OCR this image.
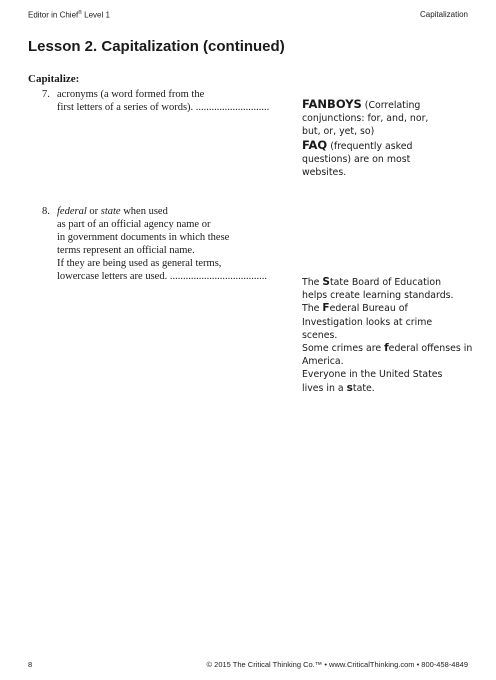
Editor in Chief® Level 1	Capitalization
Lesson 2. Capitalization (continued)
Capitalize:
7. acronyms (a word formed from the
first letters of a series of words). ............................	FANBOYS (Correlating
conjunctions: for, and, nor,
but, or, yet, so)
FAQ (frequently asked
questions) are on most
websites.
8. federal or state when used
as part of an official agency name or
in government documents in which these
terms represent an official name.
If they are being used as general terms,
lowercase letters are used. .....................................
The State Board of Education
helps create learning standards.
The Federal Bureau of
Investigation looks at crime
scenes.
Some crimes are federal offenses in
America.
Everyone in the United States
lives in a state.
8	© 2015 The Critical Thinking Co.™ • www.CriticalThinking.com • 800-458-4849
